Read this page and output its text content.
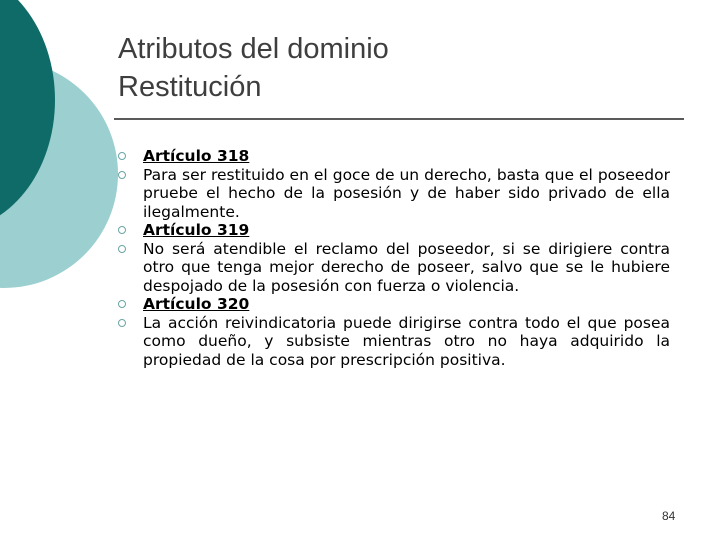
Atributos del dominio
Restitución
Artículo 318
Para ser restituido en el goce de un derecho, basta que el poseedor pruebe el hecho de la posesión y de haber sido privado de ella ilegalmente.
Artículo 319
No será atendible el reclamo del poseedor, si se dirigiere contra otro que tenga mejor derecho de poseer, salvo que se le hubiere despojado de la posesión con fuerza o violencia.
Artículo 320
La acción reivindicatoria puede dirigirse contra todo el que posea como dueño, y subsiste mientras otro no haya adquirido la propiedad de la cosa por prescripción positiva.
84
